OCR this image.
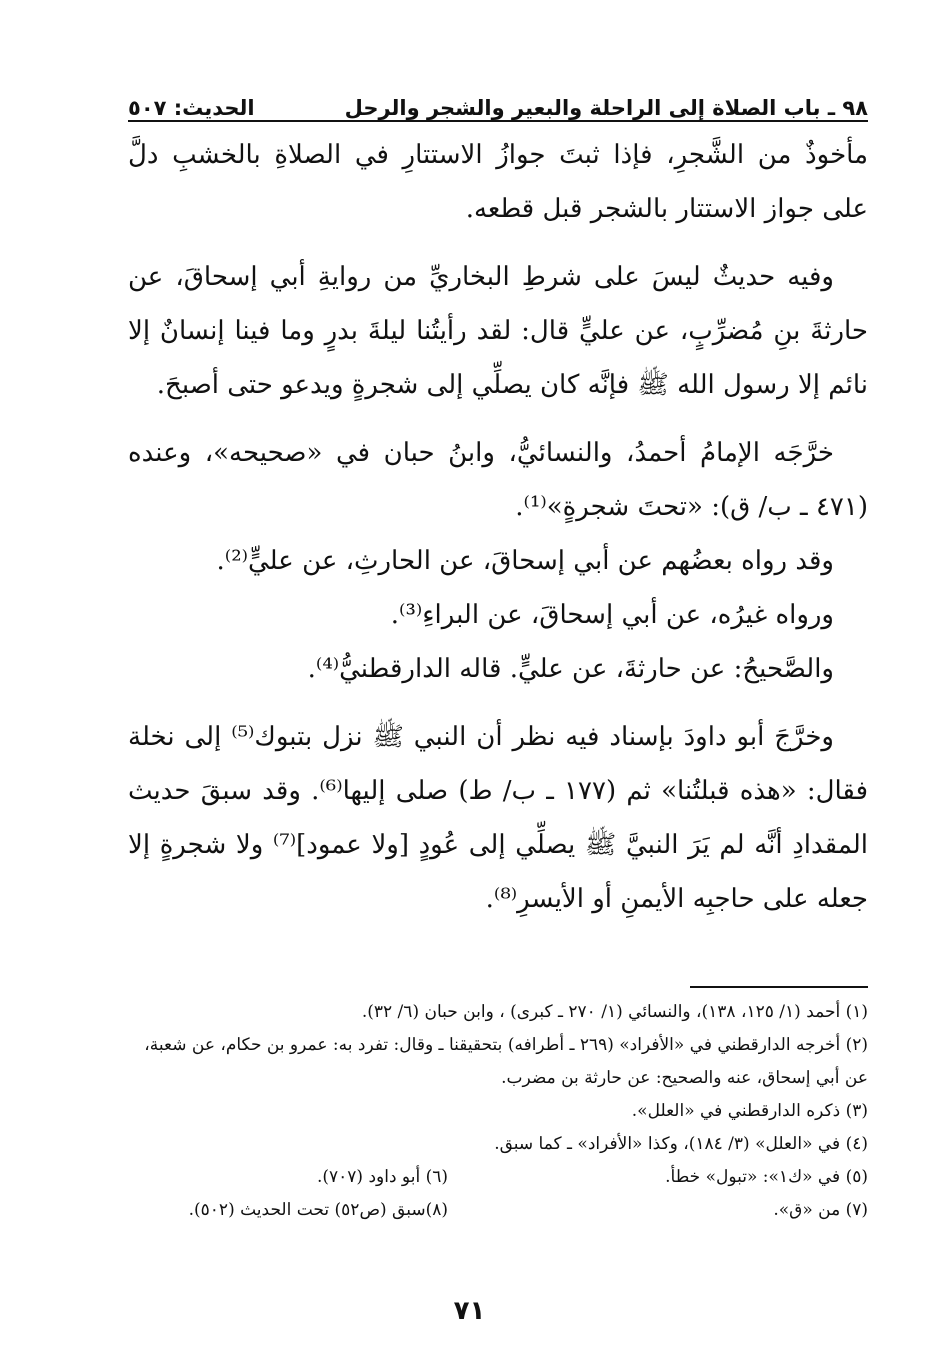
٩٨ ـ باب الصلاة إلى الراحلة والبعير والشجر والرحل
الحديث: ٥٠٧

مأخوذٌ من الشَّجرِ، فإذا ثبتَ جوازُ الاستتارِ في الصلاةِ بالخشبِ دلَّ على جواز الاستتار بالشجر قبل قطعه.

وفيه حديثٌ ليسَ على شرطِ البخاريِّ من روايةِ أبي إسحاقَ، عن حارثةَ بنِ مُضرِّبٍ، عن عليٍّ قال: لقد رأيتُنا ليلةَ بدرٍ وما فينا إنسانٌ إلا نائم إلا رسول الله ﷺ فإنَّه كان يصلِّي إلى شجرةٍ ويدعو حتى أصبحَ.

خرَّجَه الإمامُ أحمدُ، والنسائيُّ، وابنُ حبان في «صحيحه»، وعنده (٤٧١ ـ ب/ ق): «تحتَ شجرةٍ»⁽¹⁾.

وقد رواه بعضُهم عن أبي إسحاقَ، عن الحارثِ، عن عليٍّ⁽²⁾.

ورواه غيرُه، عن أبي إسحاقَ، عن البراءِ⁽³⁾.

والصَّحيحُ: عن حارثةَ، عن عليٍّ. قاله الدارقطنيُّ⁽⁴⁾.

وخرَّجَ أبو داودَ بإسناد فيه نظر أن النبي ﷺ نزل بتبوك⁽⁵⁾ إلى نخلة فقال: «هذه قبلتُنا» ثم (١٧٧ ـ ب/ ط) صلى إليها⁽⁶⁾. وقد سبقَ حديث المقدادِ أنَّه لم يَرَ النبيَّ ﷺ يصلِّي إلى عُودٍ [ولا عمود]⁽⁷⁾ ولا شجرةٍ إلا جعله على حاجبِه الأيمنِ أو الأيسرِ⁽⁸⁾.

(١) أحمد (١/ ١٢٥، ١٣٨)، والنسائي (١/ ٢٧٠ ـ كبرى) ، وابن حبان (٦/ ٣٢).

(٢) أخرجه الدارقطني في «الأفراد» (٢٦٩ ـ أطرافه) بتحقيقنا ـ وقال: تفرد به: عمرو بن حكام، عن شعبة، عن أبي إسحاق، عنه والصحيح: عن حارثة بن مضرب.

(٣) ذكره الدارقطني في «العلل».

(٤) في «العلل» (٣/ ١٨٤)، وكذا «الأفراد» ـ كما سبق.

(٥) في «ك١»: «تبول» خطأ.
(٦) أبو داود (٧٠٧).
(٧) من «ق».
(٨)سبق (ص٥٢) تحت الحديث (٥٠٢).
٧١
